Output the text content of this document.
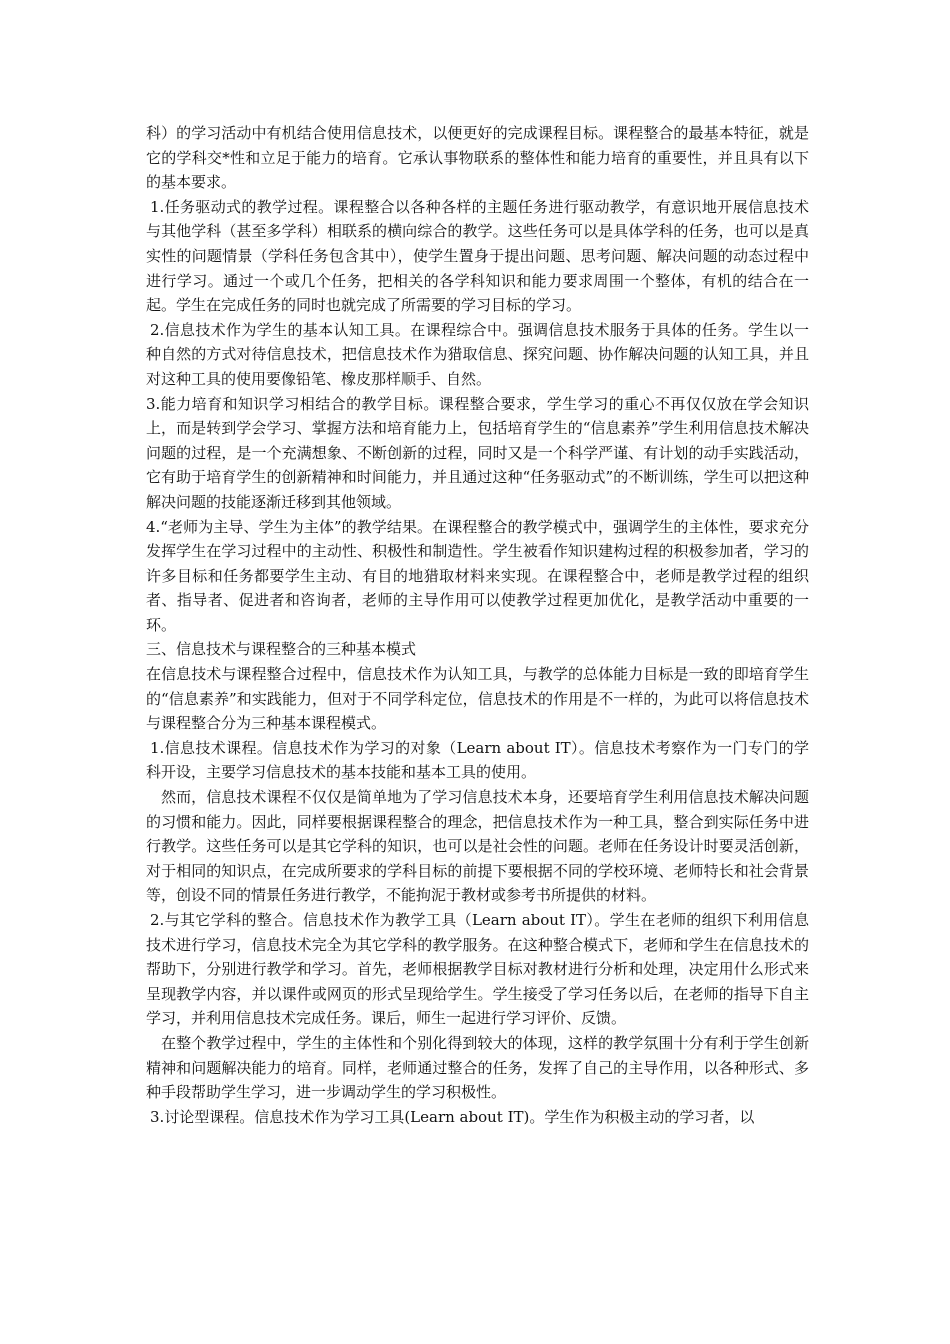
科）的学习活动中有机结合使用信息技术，以便更好的完成课程目标。课程整合的最基本特征，就是它的学科交*性和立足于能力的培育。它承认事物联系的整体性和能力培育的重要性，并且具有以下的基本要求。

1.任务驱动式的教学过程。课程整合以各种各样的主题任务进行驱动教学，有意识地开展信息技术与其他学科（甚至多学科）相联系的横向综合的教学。这些任务可以是具体学科的任务，也可以是真实性的问题情景（学科任务包含其中），使学生置身于提出问题、思考问题、解决问题的动态过程中进行学习。通过一个或几个任务，把相关的各学科知识和能力要求周围一个整体，有机的结合在一起。学生在完成任务的同时也就完成了所需要的学习目标的学习。

2.信息技术作为学生的基本认知工具。在课程综合中。强调信息技术服务于具体的任务。学生以一种自然的方式对待信息技术，把信息技术作为猎取信息、探究问题、协作解决问题的认知工具，并且对这种工具的使用要像铅笔、橡皮那样顺手、自然。

3.能力培育和知识学习相结合的教学目标。课程整合要求，学生学习的重心不再仅仅放在学会知识上，而是转到学会学习、掌握方法和培育能力上，包括培育学生的“信息素养”学生利用信息技术解决问题的过程，是一个充满想象、不断创新的过程，同时又是一个科学严谨、有计划的动手实践活动，它有助于培育学生的创新精神和时间能力，并且通过这种“任务驱动式”的不断训练，学生可以把这种解决问题的技能逐渐迁移到其他领域。

4.“老师为主导、学生为主体”的教学结果。在课程整合的教学模式中，强调学生的主体性，要求充分发挥学生在学习过程中的主动性、积极性和制造性。学生被看作知识建构过程的积极参加者，学习的许多目标和任务都要学生主动、有目的地猎取材料来实现。在课程整合中，老师是教学过程的组织者、指导者、促进者和咨询者，老师的主导作用可以使教学过程更加优化，是教学活动中重要的一环。

三、信息技术与课程整合的三种基本模式

在信息技术与课程整合过程中，信息技术作为认知工具，与教学的总体能力目标是一致的即培育学生的“信息素养”和实践能力，但对于不同学科定位，信息技术的作用是不一样的，为此可以将信息技术与课程整合分为三种基本课程模式。

1.信息技术课程。信息技术作为学习的对象（Learn about IT）。信息技术考察作为一门专门的学科开设，主要学习信息技术的基本技能和基本工具的使用。

然而，信息技术课程不仅仅是简单地为了学习信息技术本身，还要培育学生利用信息技术解决问题的习惯和能力。因此，同样要根据课程整合的理念，把信息技术作为一种工具，整合到实际任务中进行教学。这些任务可以是其它学科的知识，也可以是社会性的问题。老师在任务设计时要灵活创新，对于相同的知识点，在完成所要求的学科目标的前提下要根据不同的学校环境、老师特长和社会背景等，创设不同的情景任务进行教学，不能拘泥于教材或参考书所提供的材料。

2.与其它学科的整合。信息技术作为教学工具（Learn about IT）。学生在老师的组织下利用信息技术进行学习，信息技术完全为其它学科的教学服务。在这种整合模式下，老师和学生在信息技术的帮助下，分别进行教学和学习。首先，老师根据教学目标对教材进行分析和处理，决定用什么形式来呈现教学内容，并以课件或网页的形式呈现给学生。学生接受了学习任务以后，在老师的指导下自主学习，并利用信息技术完成任务。课后，师生一起进行学习评价、反馈。

在整个教学过程中，学生的主体性和个别化得到较大的体现，这样的教学氛围十分有利于学生创新精神和问题解决能力的培育。同样，老师通过整合的任务，发挥了自己的主导作用，以各种形式、多种手段帮助学生学习，进一步调动学生的学习积极性。

3.讨论型课程。信息技术作为学习工具(Learn about IT)。学生作为积极主动的学习者，以
